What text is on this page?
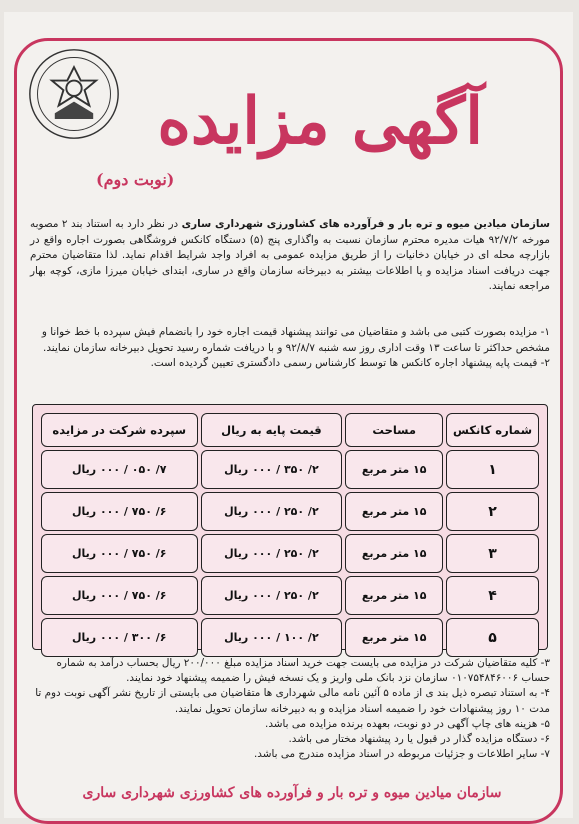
آگهی مزایده
(نوبت دوم)
سازمان میادین میوه و تره بار و فرآورده های کشاورزی شهرداری ساری در نظر دارد به استناد بند ۲ مصوبه مورخه ۹۲/۷/۲ هیات مدیره محترم سازمان نسبت به واگذاری پنج (۵) دستگاه کانکس فروشگاهی بصورت اجاره واقع در بازارچه محله ای در خیابان دخانیات را از طریق مزایده عمومی به افراد واجد شرایط اقدام نماید. لذا متقاضیان محترم جهت دریافت اسناد مزایده و یا اطلاعات بیشتر به دبیرخانه سازمان واقع در ساری، ابتدای خیابان میرزا مازی، کوچه بهار مراجعه نمایند.

۱- مزایده بصورت کتبی می باشد و متقاضیان می توانند پیشنهاد قیمت اجاره خود را بانضمام فیش سپرده با خط خوانا و مشخص حداکثر تا ساعت ۱۳ وقت اداری روز سه شنبه ۹۲/۸/۷ و با دریافت شماره رسید تحویل دبیرخانه سازمان نمایند.

۲- قیمت پایه پیشنهاد اجاره کانکس ها توسط کارشناس رسمی دادگستری تعیین گردیده است.

شماره کانکس	مساحت	قیمت پایه به ریال	سپرده شرکت در مزایده
۱	۱۵ متر مربع	۲/ ۳۵۰ / ۰۰۰ ریال	۷/ ۰۵۰ / ۰۰۰ ریال
۲	۱۵ متر مربع	۲/ ۲۵۰ / ۰۰۰ ریال	۶/ ۷۵۰ / ۰۰۰ ریال
۳	۱۵ متر مربع	۲/ ۲۵۰ / ۰۰۰ ریال	۶/ ۷۵۰ / ۰۰۰ ریال
۴	۱۵ متر مربع	۲/ ۲۵۰ / ۰۰۰ ریال	۶/ ۷۵۰ / ۰۰۰ ریال
۵	۱۵ متر مربع	۲/ ۱۰۰ / ۰۰۰ ریال	۶/ ۳۰۰ / ۰۰۰ ریال

۳- کلیه متقاضیان شرکت در مزایده می بایست جهت خرید اسناد مزایده مبلغ ۲۰۰/۰۰۰ ریال بحساب درآمد به شماره حساب ۰۱۰۷۵۴۸۴۶۰۰۶ سازمان نزد بانک ملی واریز و یک نسخه فیش را ضمیمه پیشنهاد خود نمایند.

۴- به استناد تبصره ذیل بند ی از ماده ۵ آئین نامه مالی شهرداری ها متقاضیان می بایستی از تاریخ نشر آگهی نوبت دوم تا مدت ۱۰ روز پیشنهادات خود را ضمیمه اسناد مزایده و به دبیرخانه سازمان تحویل نمایند.

۵- هزینه های چاپ آگهی در دو نوبت، بعهده برنده مزایده می باشد.

۶- دستگاه مزایده گذار در قبول یا رد پیشنهاد مختار می باشد.

۷- سایر اطلاعات و جزئیات مربوطه در اسناد مزایده مندرج می باشد.

سازمان میادین میوه و تره بار و فرآورده های کشاورزی شهرداری ساری
